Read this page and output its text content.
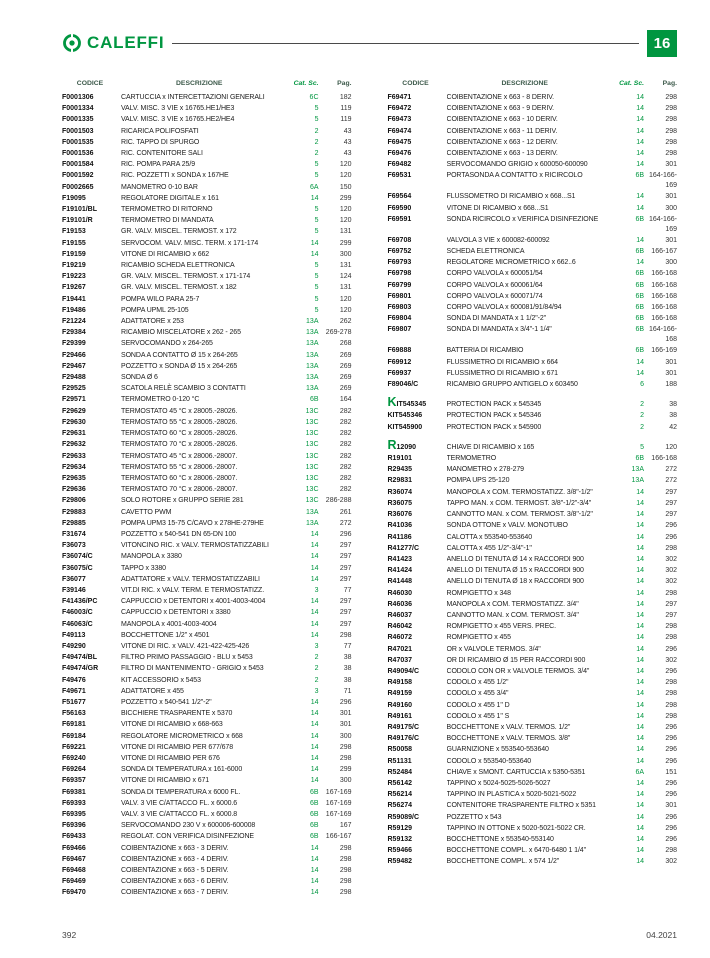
CALEFFI	16
CODICE	DESCRIZIONE	Cat. Sc.	Pag.
F0001306	CARTUCCIA x INTERCETTAZIONI GENERALI	6C	182
F0001334	VALV. MISC. 3 VIE x 16765.HE1/HE3	5	119
F0001335	VALV. MISC. 3 VIE x 16765.HE2/HE4	5	119
F0001503	RICARICA POLIFOSFATI	2	43
F0001535	RIC. TAPPO DI SPURGO	2	43
F0001536	RIC. CONTENITORE SALI	2	43
F0001584	RIC. POMPA PARA 25/9	5	120
F0001592	RIC. POZZETTI x SONDA x 167HE	5	120
F0002665	MANOMETRO 0-10 BAR	6A	150
F19095	REGOLATORE DIGITALE x 161	14	299
F19101/BL	TERMOMETRO DI RITORNO	5	120
F19101/R	TERMOMETRO DI MANDATA	5	120
F19153	GR. VALV. MISCEL. TERMOST. x 172	5	131
F19155	SERVOCOM. VALV. MISC. TERM. x 171-174	14	299
F19159	VITONE DI RICAMBIO x 662	14	300
F19219	RICAMBIO SCHEDA ELETTRONICA	5	131
F19223	GR. VALV. MISCEL. TERMOST. x 171-174	5	124
F19267	GR. VALV. MISCEL. TERMOST. x 182	5	131
F19441	POMPA WILO PARA 25-7	5	120
F19486	POMPA UPML 25-105	5	120
F21224	ADATTATORE x 253	13A	262
F29384	RICAMBIO MISCELATORE x 262 - 265	13A	269-278
F29399	SERVOCOMANDO x 264-265	13A	268
F29466	SONDA A CONTATTO Ø 15 x 264-265	13A	269
F29467	POZZETTO x SONDA Ø 15 x 264-265	13A	269
F29488	SONDA Ø 6	13A	269
F29525	SCATOLA RELÈ SCAMBIO 3 CONTATTI	13A	269
F29571	TERMOMETRO 0-120 °C	6B	164
F29629	TERMOSTATO 45 °C x 28005.-28026.	13C	282
F29630	TERMOSTATO 55 °C x 28005.-28026.	13C	282
F29631	TERMOSTATO 60 °C x 28005.-28026.	13C	282
F29632	TERMOSTATO 70 °C x 28005.-28026.	13C	282
F29633	TERMOSTATO 45 °C x 28006.-28007.	13C	282
F29634	TERMOSTATO 55 °C x 28006.-28007.	13C	282
F29635	TERMOSTATO 60 °C x 28006.-28007.	13C	282
F29636	TERMOSTATO 70 °C x 28006.-28007.	13C	282
F29806	SOLO ROTORE x GRUPPO SERIE 281	13C	286-288
F29883	CAVETTO PWM	13A	261
F29885	POMPA UPM3 15-75 C/CAVO x 278HE-279HE	13A	272
F31674	POZZETTO x 540-541 DN 65-DN 100	14	296
F36073	VITONCINO RIC. x VALV. TERMOSTATIZZABILI	14	297
F36074/C	MANOPOLA x 3380	14	297
F36075/C	TAPPO x 3380	14	297
F36077	ADATTATORE x VALV. TERMOSTATIZZABILI	14	297
F39146	VIT.DI RIC. x VALV. TERM. E TERMOSTATIZZ.	3	77
F41436/PC	CAPPUCCIO x DETENTORI x 4001-4003-4004	14	297
F46003/C	CAPPUCCIO x DETENTORI x 3380	14	297
F46063/C	MANOPOLA x 4001-4003-4004	14	297
F49113	BOCCHETTONE 1/2" x 4501	14	298
F49290	VITONE DI RIC. x VALV. 421-422-425-426	3	77
F49474/BL	FILTRO PRIMO PASSAGGIO - BLU x 5453	2	38
F49474/GR	FILTRO DI MANTENIMENTO - GRIGIO x 5453	2	38
F49476	KIT ACCESSORIO x 5453	2	38
F49671	ADATTATORE x 455	3	71
F51677	POZZETTO x 540-541 1/2"-2"	14	296
F56163	BICCHIERE TRASPARENTE x 5370	14	301
F69181	VITONE DI RICAMBIO x 668-663	14	301
F69184	REGOLATORE MICROMETRICO x 668	14	300
F69221	VITONE DI RICAMBIO PER 677/678	14	298
F69240	VITONE DI RICAMBIO PER 676	14	298
F69264	SONDA DI TEMPERATURA x 161-6000	14	299
F69357	VITONE DI RICAMBIO x 671	14	300
F69381	SONDA DI TEMPERATURA x 6000 FL.	6B	167-169
F69393	VALV. 3 VIE C/ATTACCO FL. x 6000.6	6B	167-169
F69395	VALV. 3 VIE C/ATTACCO FL. x 6000.8	6B	167-169
F69396	SERVOCOMANDO 230 V x 600006-600008	6B	167
F69433	REGOLAT. CON VERIFICA DISINFEZIONE	6B	166-167
F69466	COIBENTAZIONE x 663 - 3 DERIV.	14	298
F69467	COIBENTAZIONE x 663 - 4 DERIV.	14	298
F69468	COIBENTAZIONE x 663 - 5 DERIV.	14	298
F69469	COIBENTAZIONE x 663 - 6 DERIV.	14	298
F69470	COIBENTAZIONE x 663 - 7 DERIV.	14	298
CODICE	DESCRIZIONE	Cat. Sc.	Pag.
F69471	COIBENTAZIONE x 663 - 8 DERIV.	14	298
F69472	COIBENTAZIONE x 663 - 9 DERIV.	14	298
F69473	COIBENTAZIONE x 663 - 10 DERIV.	14	298
F69474	COIBENTAZIONE x 663 - 11 DERIV.	14	298
F69475	COIBENTAZIONE x 663 - 12 DERIV.	14	298
F69476	COIBENTAZIONE x 663 - 13 DERIV.	14	298
F69482	SERVOCOMANDO GRIGIO x 600050-600090	14	301
F69531	PORTASONDA A CONTATTO x RICIRCOLO	6B 164-166-169
F69564	FLUSSOMETRO DI RICAMBIO x 668...S1	14	301
F69590	VITONE DI RICAMBIO x 668...S1	14	300
F69591	SONDA RICIRCOLO x VERIFICA DISINFEZIONE	6B 164-166-169
F69708	VALVOLA 3 VIE x 600082-600092	14	301
F69752	SCHEDA ELETTRONICA	6B	166-167
F69793	REGOLATORE MICROMETRICO x 662..6	14	300
F69798	CORPO VALVOLA x 600051/54	6B	166-168
F69799	CORPO VALVOLA x 600061/64	6B	166-168
F69801	CORPO VALVOLA x 600071/74	6B	166-168
F69803	CORPO VALVOLA x 600081/91/84/94	6B	166-168
F69804	SONDA DI MANDATA x 1 1/2"-2"	6B	166-168
F69807	SONDA DI MANDATA x 3/4"-1 1/4"	6B 164-166-168
F69888	BATTERIA DI RICAMBIO	6B	166-169
F69912	FLUSSIMETRO DI RICAMBIO x 664	14	301
F69937	FLUSSIMETRO DI RICAMBIO x 671	14	301
F89046/C	RICAMBIO GRUPPO ANTIGELO x 603450	6	188
KIT545345	PROTECTION PACK x 545345	2	38
KIT545346	PROTECTION PACK x 545346	2	38
KIT545900	PROTECTION PACK x 545900	2	42
R12090	CHIAVE DI RICAMBIO x 165	5	120
R19101	TERMOMETRO	6B	166-168
R29435	MANOMETRO x 278-279	13A	272
R29831	POMPA UPS 25-120	13A	272
R36074	MANOPOLA x COM. TERMOSTATIZZ. 3/8"-1/2"	14	297
R36075	TAPPO MAN. x COM. TERMOST. 3/8"-1/2"-3/4"	14	297
R36076	CANNOTTO MAN. x COM. TERMOST. 3/8"-1/2"	14	297
R41036	SONDA OTTONE x VALV. MONOTUBO	14	296
R41186	CALOTTA x 553540-553640	14	296
R41277/C	CALOTTA x 455 1/2"-3/4"-1"	14	298
R41423	ANELLO DI TENUTA Ø 14 x RACCORDI 900	14	302
R41424	ANELLO DI TENUTA Ø 15 x RACCORDI 900	14	302
R41448	ANELLO DI TENUTA Ø 18 x RACCORDI 900	14	302
R46030	ROMPIGETTO x 348	14	298
R46036	MANOPOLA x COM. TERMOSTATIZZ. 3/4"	14	297
R46037	CANNOTTO MAN. x COM. TERMOST. 3/4"	14	297
R46042	ROMPIGETTO x 455 VERS. PREC.	14	298
R46072	ROMPIGETTO x 455	14	298
R47021	OR x VALVOLE TERMOS. 3/4"	14	296
R47037	OR DI RICAMBIO Ø 15 PER RACCORDI 900	14	302
R49094/C	CODOLO CON OR x VALVOLE TERMOS. 3/4"	14	296
R49158	CODOLO x 455 1/2"	14	298
R49159	CODOLO x 455 3/4"	14	298
R49160	CODOLO x 455 1" D	14	298
R49161	CODOLO x 455 1" S	14	298
R49175/C	BOCCHETTONE x VALV. TERMOS. 1/2"	14	296
R49176/C	BOCCHETTONE x VALV. TERMOS. 3/8"	14	296
R50058	GUARNIZIONE x 553540-553640	14	296
R51131	CODOLO x 553540-553640	14	296
R52484	CHIAVE x SMONT. CARTUCCIA x 5350-5351	6A	151
R56142	TAPPINO x 5024-5025-5026-5027	14	296
R56214	TAPPINO IN PLASTICA x 5020-5021-5022	14	296
R56274	CONTENITORE TRASPARENTE FILTRO x 5351	14	301
R59089/C	POZZETTO x 543	14	296
R59129	TAPPINO IN OTTONE x 5020-5021-5022 CR.	14	296
R59132	BOCCHETTONE x 553540-553140	14	296
R59466	BOCCHETTONE COMPL. x 6470-6480 1 1/4"	14	298
R59482	BOCCHETTONE COMPL. x 574 1/2"	14	302
392	04.2021
